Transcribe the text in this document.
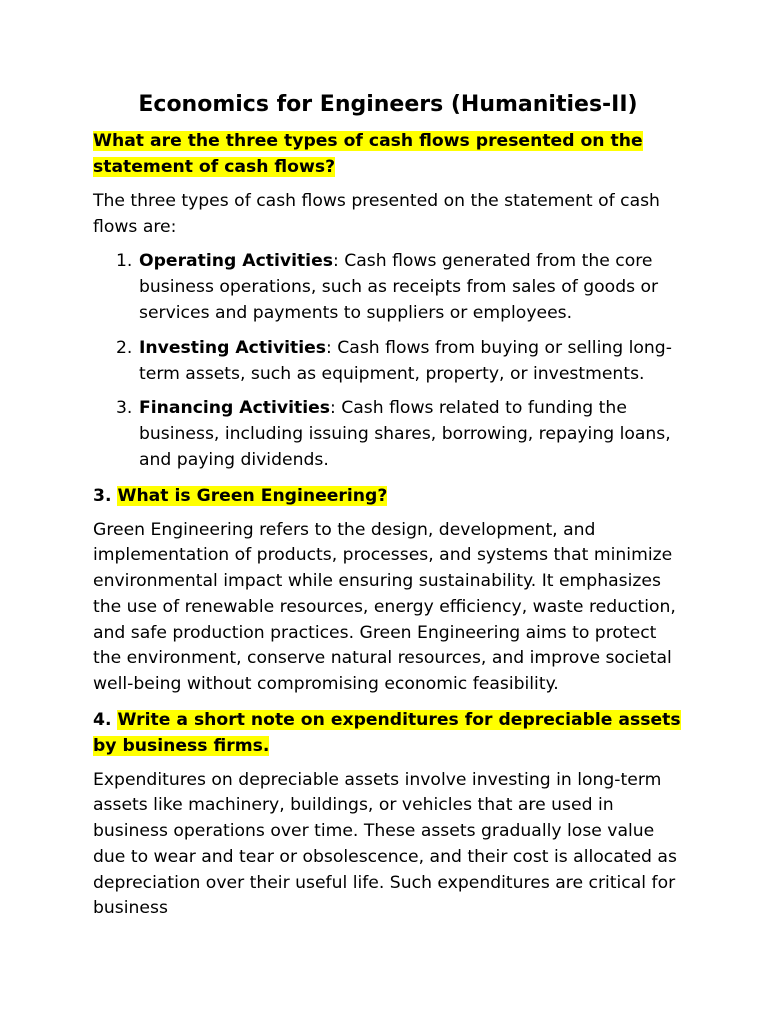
Economics for Engineers (Humanities-II)

What are the three types of cash flows presented on the statement of cash flows?

The three types of cash flows presented on the statement of cash flows are:

1. Operating Activities: Cash flows generated from the core business operations, such as receipts from sales of goods or services and payments to suppliers or employees.
2. Investing Activities: Cash flows from buying or selling long-term assets, such as equipment, property, or investments.
3. Financing Activities: Cash flows related to funding the business, including issuing shares, borrowing, repaying loans, and paying dividends.

3. What is Green Engineering?

Green Engineering refers to the design, development, and implementation of products, processes, and systems that minimize environmental impact while ensuring sustainability. It emphasizes the use of renewable resources, energy efficiency, waste reduction, and safe production practices. Green Engineering aims to protect the environment, conserve natural resources, and improve societal well-being without compromising economic feasibility.

4. Write a short note on expenditures for depreciable assets by business firms.

Expenditures on depreciable assets involve investing in long-term assets like machinery, buildings, or vehicles that are used in business operations over time. These assets gradually lose value due to wear and tear or obsolescence, and their cost is allocated as depreciation over their useful life. Such expenditures are critical for business
